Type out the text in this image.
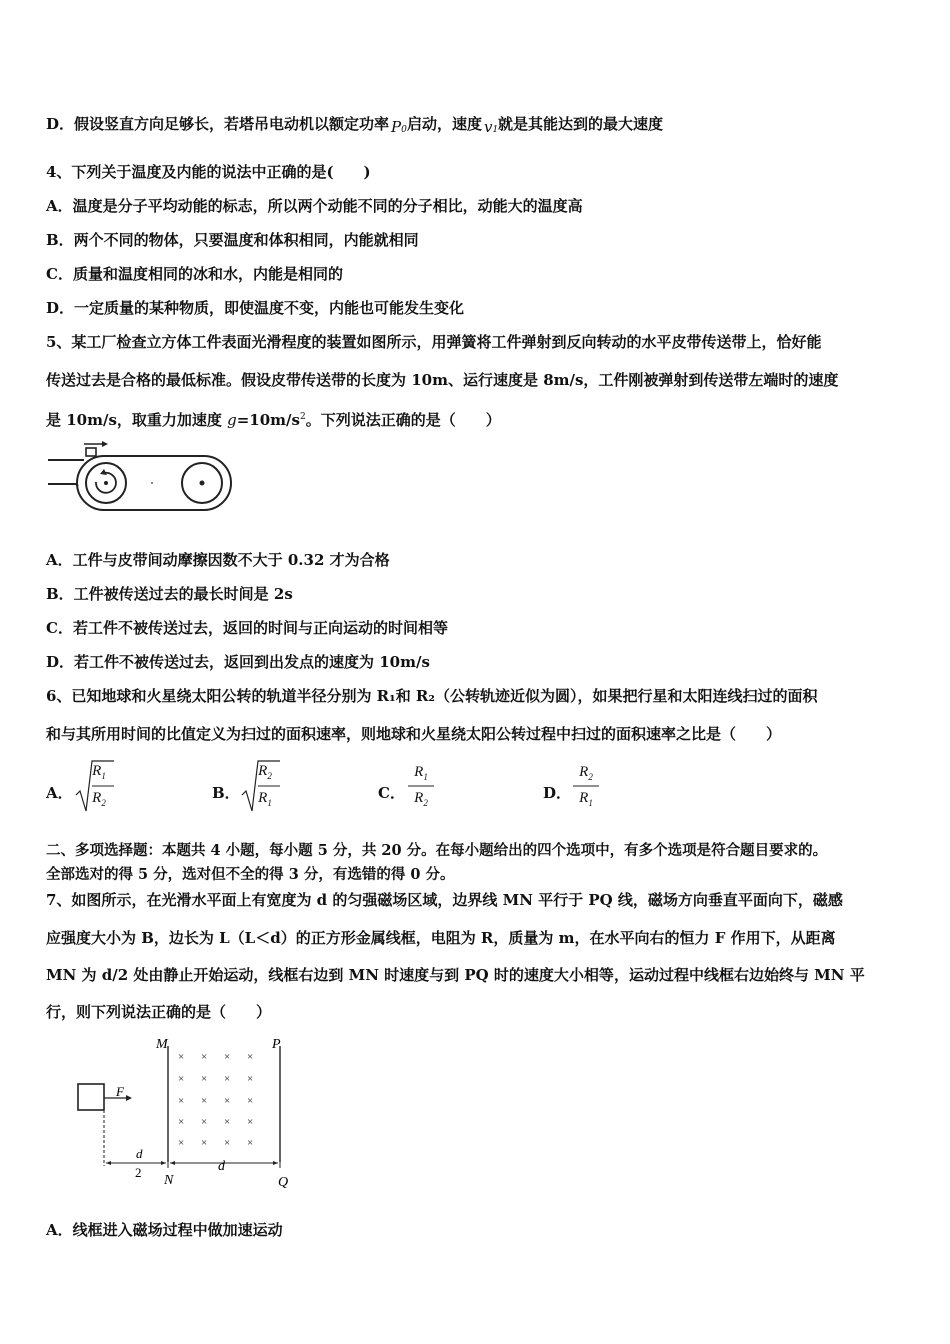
D．假设竖直方向足够长，若塔吊电动机以额定功率 P0 启动，速度 v1 就是其能达到的最大速度
4、下列关于温度及内能的说法中正确的是(　　)
A．温度是分子平均动能的标志，所以两个动能不同的分子相比，动能大的温度高
B．两个不同的物体，只要温度和体积相同，内能就相同
C．质量和温度相同的冰和水，内能是相同的
D．一定质量的某种物质，即使温度不变，内能也可能发生变化
5、某工厂检查立方体工件表面光滑程度的装置如图所示，用弹簧将工件弹射到反向转动的水平皮带传送带上，恰好能
传送过去是合格的最低标准。假设皮带传送带的长度为 10m、运行速度是 8m/s，工件刚被弹射到传送带左端时的速度
是 10m/s，取重力加速度 $g=10m/s^2$。下列说法正确的是（　　）
A．工件与皮带间动摩擦因数不大于 0.32 才为合格
B．工件被传送过去的最长时间是 2s
C．若工件不被传送过去，返回的时间与正向运动的时间相等
D．若工件不被传送过去，返回到出发点的速度为 10m/s
6、已知地球和火星绕太阳公转的轨道半径分别为 R₁和 R₂（公转轨迹近似为圆），如果把行星和太阳连线扫过的面积
和与其所用时间的比值定义为扫过的面积速率，则地球和火星绕太阳公转过程中扫过的面积速率之比是（　　）
A．
$R_1$
$R_2$
B．
$R_2$
$R_1$
C．
$R_1$
$R_2$
D．
$R_2$
$R_1$
二、多项选择题：本题共 4 小题，每小题 5 分，共 20 分。在每小题给出的四个选项中，有多个选项是符合题目要求的。
全部选对的得 5 分，选对但不全的得 3 分，有选错的得 0 分。
7、如图所示，在光滑水平面上有宽度为 d 的匀强磁场区域，边界线 MN 平行于 PQ 线，磁场方向垂直平面向下，磁感
应强度大小为 B，边长为 L（L＜d）的正方形金属线框，电阻为 R，质量为 m，在水平向右的恒力 F 作用下，从距离
MN 为 d/2 处由静止开始运动，线框右边到 MN 时速度与到 PQ 时的速度大小相等，运动过程中线框右边始终与 MN 平
行，则下列说法正确的是（　　）
M	P
N	Q
F
d
d
2
× × × ×
× × × ×
× × × ×
× × × ×
× × × ×
A．线框进入磁场过程中做加速运动
